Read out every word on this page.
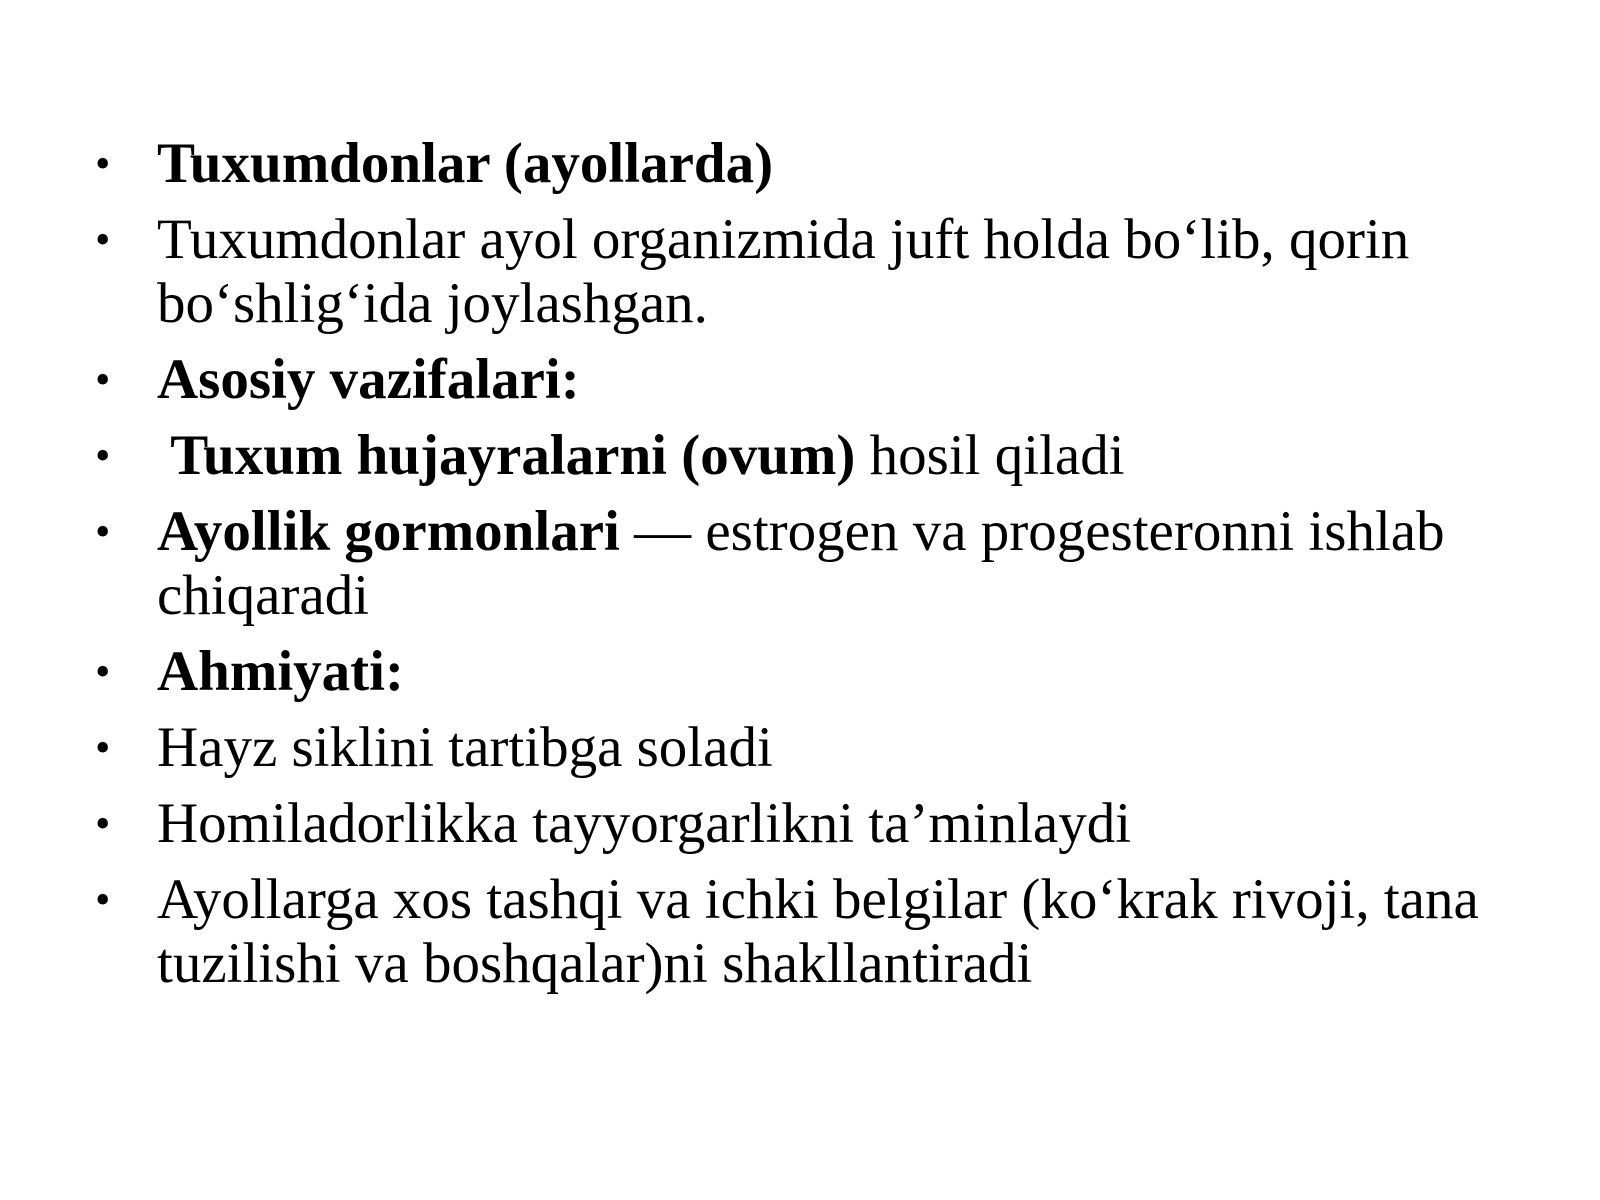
• Tuxumdonlar (ayollarda)
• Tuxumdonlar ayol organizmida juft holda bo‘lib, qorin bo‘shlig‘ida joylashgan.
• Asosiy vazifalari:
• Tuxum hujayralarni (ovum) hosil qiladi
• Ayollik gormonlari — estrogen va progesteronni ishlab chiqaradi
• Ahmiyati:
• Hayz siklini tartibga soladi
• Homiladorlikka tayyorgarlikni ta’minlaydi
• Ayollarga xos tashqi va ichki belgilar (ko‘krak rivoji, tana tuzilishi va boshqalar)ni shakllantiradi
